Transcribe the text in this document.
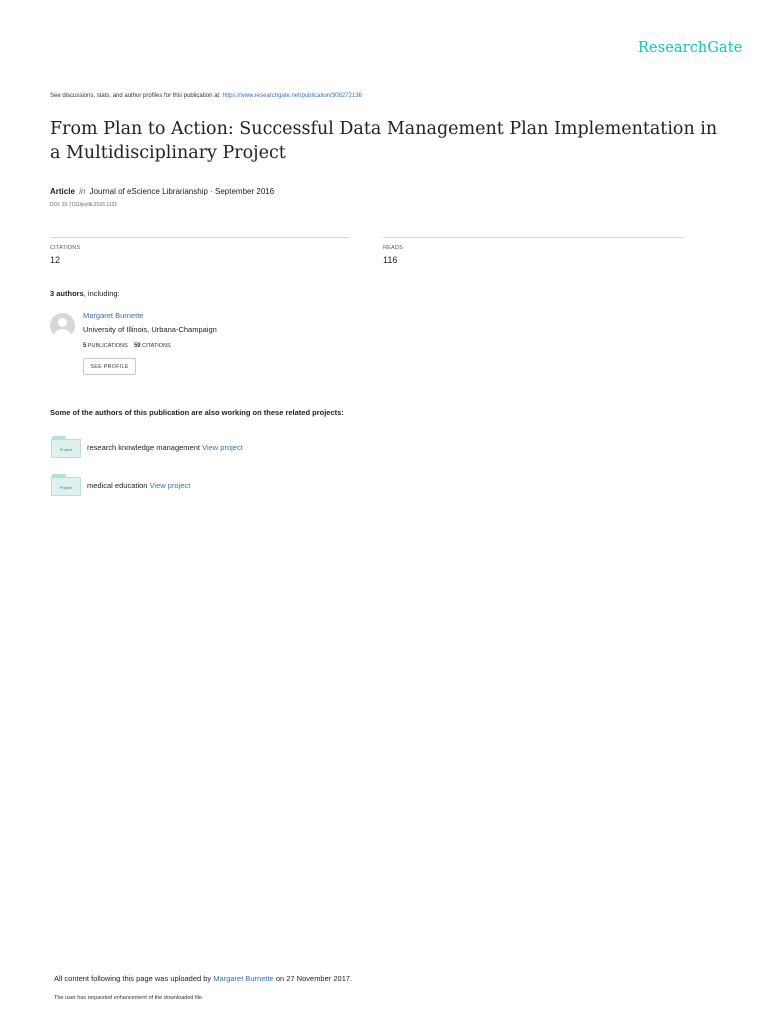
ResearchGate
See discussions, stats, and author profiles for this publication at: https://www.researchgate.net/publication/308272136
From Plan to Action: Successful Data Management Plan Implementation in a Multidisciplinary Project
Article in Journal of eScience Librarianship · September 2016
DOI: 10.7191/jeslib.2016.1101
CITATIONS
12
READS
116
3 authors, including:
Margaret Burnette
University of Illinois, Urbana-Champaign
5 PUBLICATIONS 59 CITATIONS
SEE PROFILE
Some of the authors of this publication are also working on these related projects:
Project	research knowledge management View project
Project	medical education View project
All content following this page was uploaded by Margaret Burnette on 27 November 2017.
The user has requested enhancement of the downloaded file.
